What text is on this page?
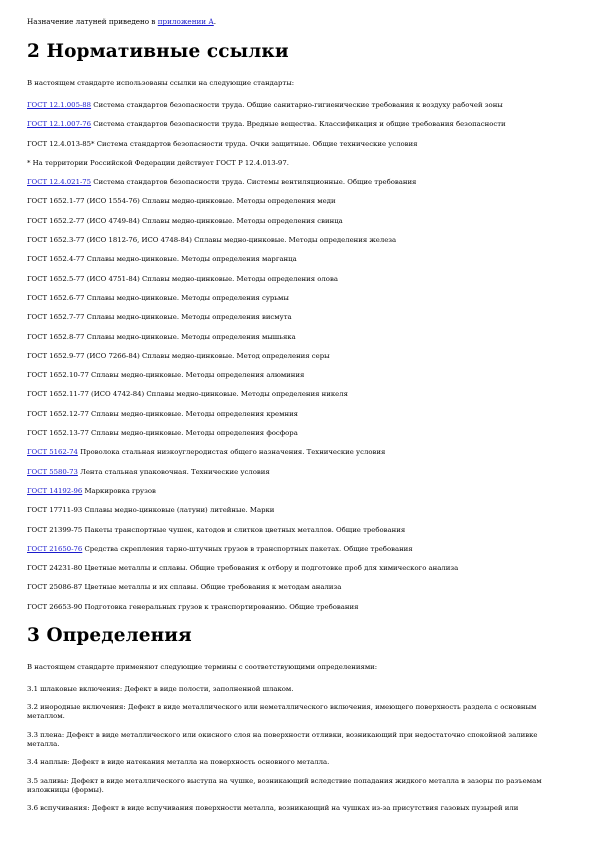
Назначение латуней приведено в приложении А.
2 Нормативные ссылки
В настоящем стандарте использованы ссылки на следующие стандарты:
ГОСТ 12.1.005-88 Система стандартов безопасности труда. Общие санитарно-гигиенические требования к воздуху рабочей зоны
ГОСТ 12.1.007-76 Система стандартов безопасности труда. Вредные вещества. Классификация и общие требования безопасности
ГОСТ 12.4.013-85* Система стандартов безопасности труда. Очки защитные. Общие технические условия
* На территории Российской Федерации действует ГОСТ Р 12.4.013-97.
ГОСТ 12.4.021-75 Система стандартов безопасности труда. Системы вентиляционные. Общие требования
ГОСТ 1652.1-77 (ИСО 1554-76) Сплавы медно-цинковые. Методы определения меди
ГОСТ 1652.2-77 (ИСО 4749-84) Сплавы медно-цинковые. Методы определения свинца
ГОСТ 1652.3-77 (ИСО 1812-76, ИСО 4748-84) Сплавы медно-цинковые. Методы определения железа
ГОСТ 1652.4-77 Сплавы медно-цинковые. Методы определения марганца
ГОСТ 1652.5-77 (ИСО 4751-84) Сплавы медно-цинковые. Методы определения олова
ГОСТ 1652.6-77 Сплавы медно-цинковые. Методы определения сурьмы
ГОСТ 1652.7-77 Сплавы медно-цинковые. Методы определения висмута
ГОСТ 1652.8-77 Сплавы медно-цинковые. Методы определения мышьяка
ГОСТ 1652.9-77 (ИСО 7266-84) Сплавы медно-цинковые. Метод определения серы
ГОСТ 1652.10-77 Сплавы медно-цинковые. Методы определения алюминия
ГОСТ 1652.11-77 (ИСО 4742-84) Сплавы медно-цинковые. Методы определения никеля
ГОСТ 1652.12-77 Сплавы медно-цинковые. Методы определения кремния
ГОСТ 1652.13-77 Сплавы медно-цинковые. Методы определения фосфора
ГОСТ 5162-74 Проволока стальная низкоуглеродистая общего назначения. Технические условия
ГОСТ 5580-73 Лента стальная упаковочная. Технические условия
ГОСТ 14192-96 Маркировка грузов
ГОСТ 17711-93 Сплавы медно-цинковые (латуни) литейные. Марки
ГОСТ 21399-75 Пакеты транспортные чушек, катодов и слитков цветных металлов. Общие требования
ГОСТ 21650-76 Средства скрепления тарно-штучных грузов в транспортных пакетах. Общие требования
ГОСТ 24231-80 Цветные металлы и сплавы. Общие требования к отбору и подготовке проб для химического анализа
ГОСТ 25086-87 Цветные металлы и их сплавы. Общие требования к методам анализа
ГОСТ 26653-90 Подготовка генеральных грузов к транспортированию. Общие требования
3 Определения
В настоящем стандарте применяют следующие термины с соответствующими определениями:
3.1 шлаковые включения: Дефект в виде полости, заполненной шлаком.
3.2 инородные включения: Дефект в виде металлического или неметаллического включения, имеющего поверхность раздела с основным металлом.
3.3 плена: Дефект в виде металлического или окисного слоя на поверхности отливки, возникающий при недостаточно спокойной заливке металла.
3.4 наплыв: Дефект в виде натекания металла на поверхность основного металла.
3.5 заливы: Дефект в виде металлического выступа на чушке, возникающий вследствие попадания жидкого металла в зазоры по разъемам изложницы (формы).
3.6 вспучивания: Дефект в виде вспучивания поверхности металла, возникающий на чушках из-за присутствия газовых пузырей или
